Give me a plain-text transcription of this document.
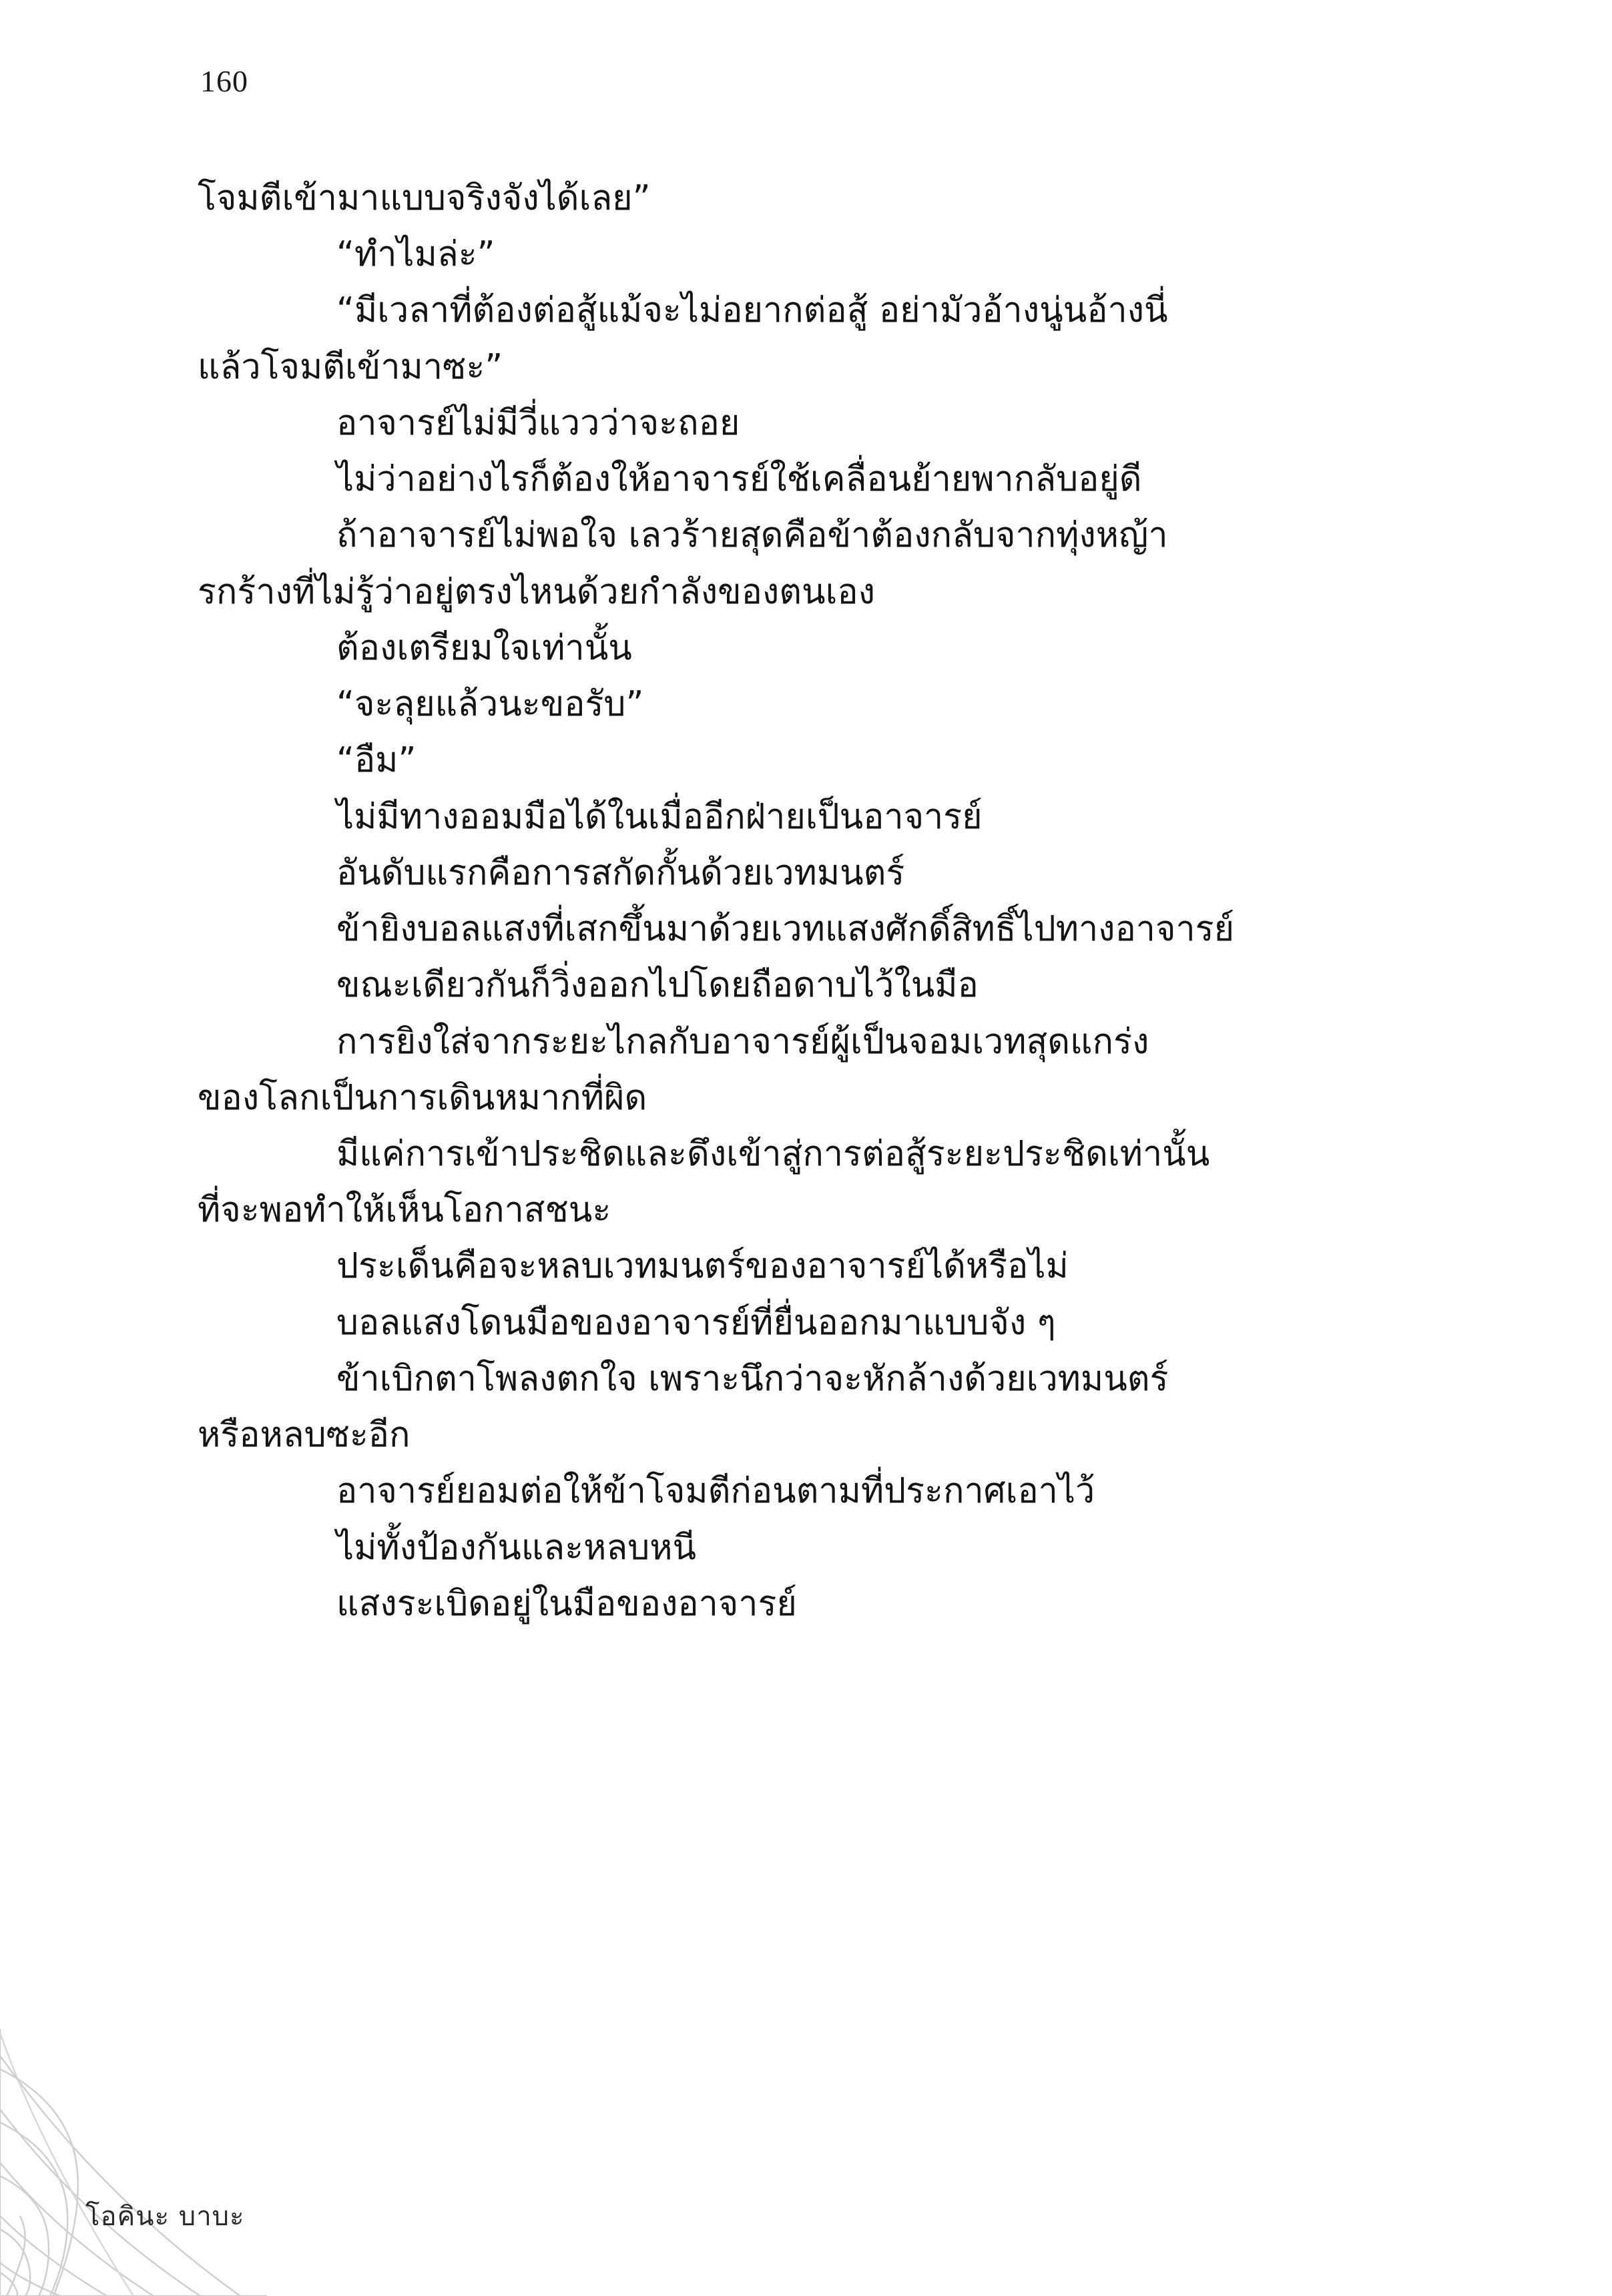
160

โจมตีเข้ามาแบบจริงจังได้เลย”

“ทำไมล่ะ”

“มีเวลาที่ต้องต่อสู้แม้จะไม่อยากต่อสู้ อย่ามัวอ้างนู่นอ้างนี่

แล้วโจมตีเข้ามาซะ”

อาจารย์ไม่มีวี่แววว่าจะถอย

ไม่ว่าอย่างไรก็ต้องให้อาจารย์ใช้เคลื่อนย้ายพากลับอยู่ดี

ถ้าอาจารย์ไม่พอใจ เลวร้ายสุดคือข้าต้องกลับจากทุ่งหญ้า

รกร้างที่ไม่รู้ว่าอยู่ตรงไหนด้วยกำลังของตนเอง

ต้องเตรียมใจเท่านั้น

“จะลุยแล้วนะขอรับ”

“อืม”

ไม่มีทางออมมือได้ในเมื่ออีกฝ่ายเป็นอาจารย์

อันดับแรกคือการสกัดกั้นด้วยเวทมนตร์

ข้ายิงบอลแสงที่เสกขึ้นมาด้วยเวทแสงศักดิ์สิทธิ์ไปทางอาจารย์

ขณะเดียวกันก็วิ่งออกไปโดยถือดาบไว้ในมือ

การยิงใส่จากระยะไกลกับอาจารย์ผู้เป็นจอมเวทสุดแกร่ง

ของโลกเป็นการเดินหมากที่ผิด

มีแค่การเข้าประชิดและดึงเข้าสู่การต่อสู้ระยะประชิดเท่านั้น

ที่จะพอทำให้เห็นโอกาสชนะ

ประเด็นคือจะหลบเวทมนตร์ของอาจารย์ได้หรือไม่

บอลแสงโดนมือของอาจารย์ที่ยื่นออกมาแบบจัง ๆ

ข้าเบิกตาโพลงตกใจ เพราะนึกว่าจะหักล้างด้วยเวทมนตร์

หรือหลบซะอีก

อาจารย์ยอมต่อให้ข้าโจมตีก่อนตามที่ประกาศเอาไว้

ไม่ทั้งป้องกันและหลบหนี

แสงระเบิดอยู่ในมือของอาจารย์

โอคินะ บาบะ
